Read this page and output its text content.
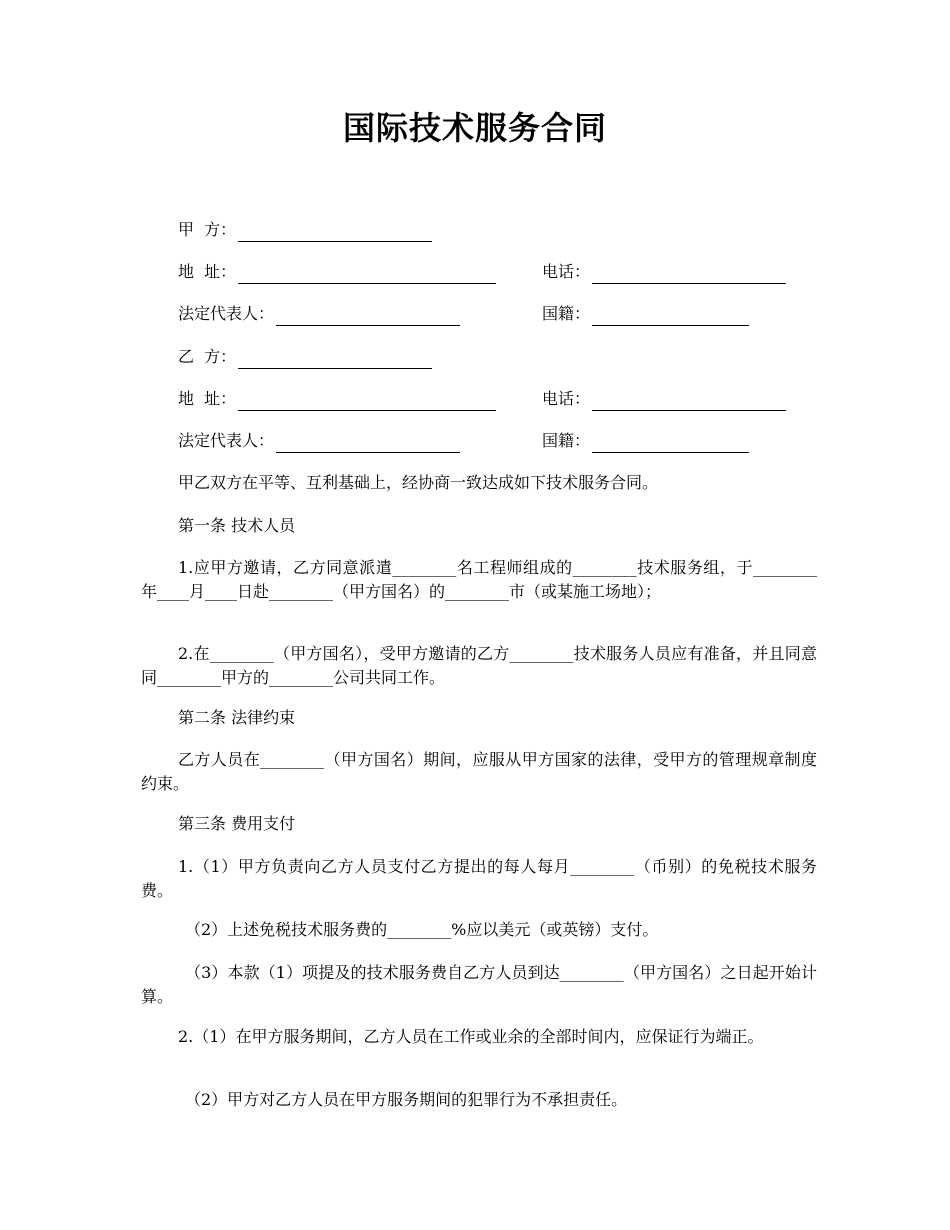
国际技术服务合同
甲  方：
地  址：	电话：
法定代表人：	国籍：
乙  方：
地  址：	电话：
法定代表人：	国籍：
甲乙双方在平等、互利基础上，经协商一致达成如下技术服务合同。
第一条 技术人员
1.应甲方邀请，乙方同意派遣________名工程师组成的________技术服务组，于________年____月____日赴________（甲方国名）的________市（或某施工场地）；
2.在________（甲方国名），受甲方邀请的乙方________技术服务人员应有准备，并且同意同________甲方的________公司共同工作。
第二条 法律约束
乙方人员在________（甲方国名）期间，应服从甲方国家的法律，受甲方的管理规章制度约束。
第三条 费用支付
1.（1）甲方负责向乙方人员支付乙方提出的每人每月________（币别）的免税技术服务费。
（2）上述免税技术服务费的________%应以美元（或英镑）支付。
（3）本款（1）项提及的技术服务费自乙方人员到达________（甲方国名）之日起开始计算。
2.（1）在甲方服务期间，乙方人员在工作或业余的全部时间内，应保证行为端正。
（2）甲方对乙方人员在甲方服务期间的犯罪行为不承担责任。
